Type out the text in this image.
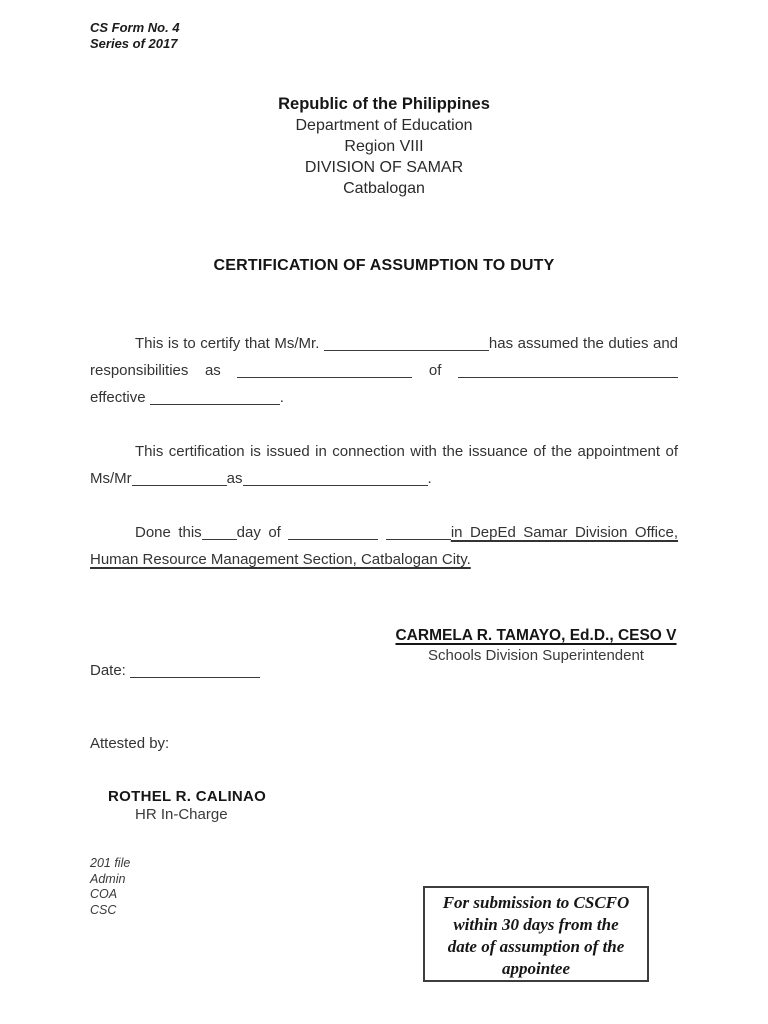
CS Form No. 4
Series of 2017
Republic of the Philippines
Department of Education
Region VIII
DIVISION OF SAMAR
Catbalogan
CERTIFICATION OF ASSUMPTION TO DUTY
This is to certify that Ms/Mr.	has assumed the duties and
responsibilities as	of
effective	.
This certification is issued in connection with the issuance of the appointment of
Ms/Mr	as	.
Done this day of	in DepEd Samar Division Office,
Human Resource Management Section, Catbalogan City.
CARMELA R. TAMAYO, Ed.D., CESO V
Schools Division Superintendent
Date:
Attested by:
ROTHEL R. CALINAO
HR In-Charge
201 file
Admin
COA
CSC	For submission to CSCFO
within 30 days from the
date of assumption of the
appointee
